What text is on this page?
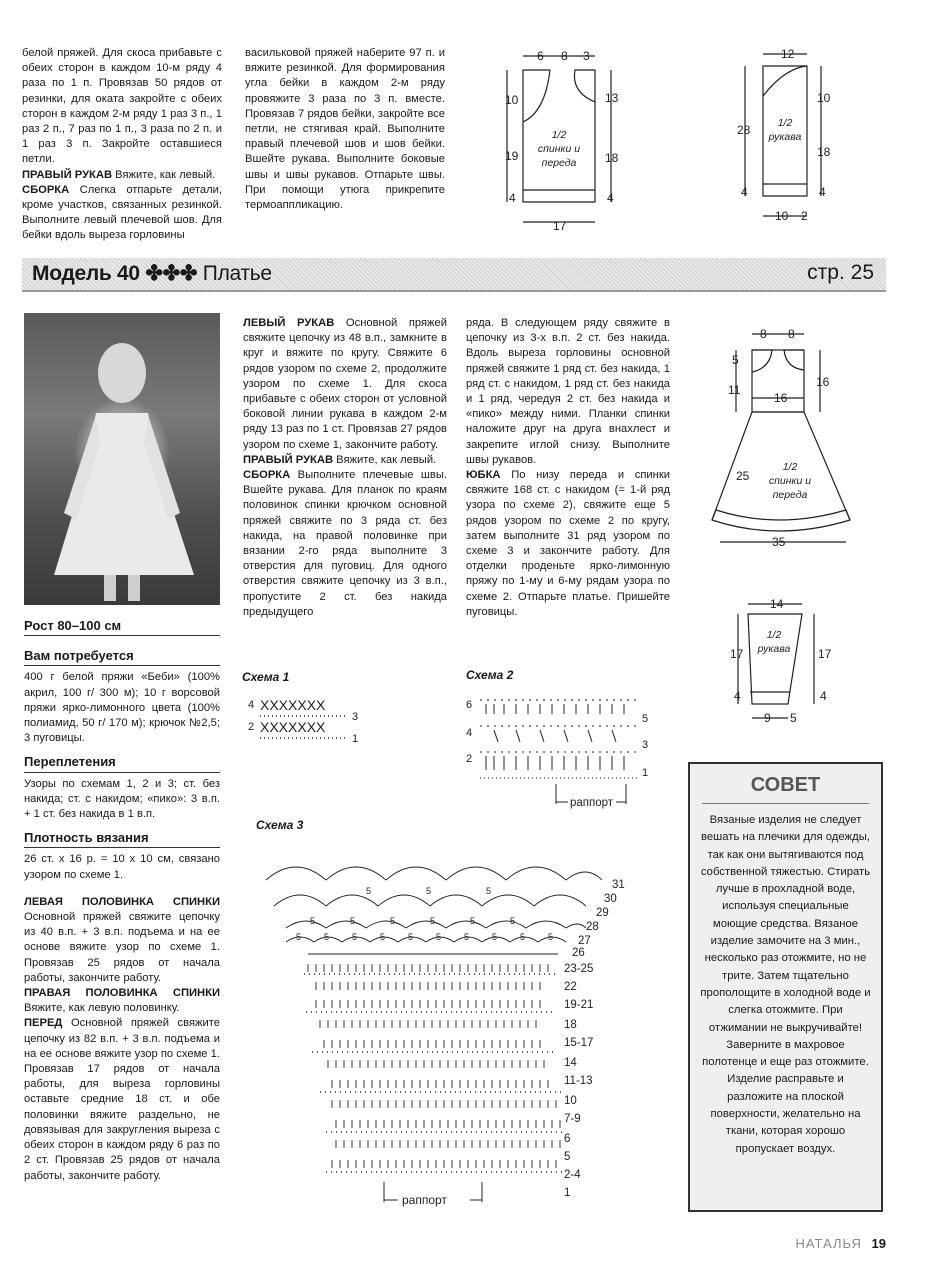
белой пряжей. Для скоса прибавьте с обеих сторон в каждом 10-м ряду 4 раза по 1 п. Провязав 50 рядов от резинки, для оката закройте с обеих сторон в каждом 2-м ряду 1 раз 3 п., 1 раз 2 п., 7 раз по 1 п., 3 раза по 2 п. и 1 раз 3 п. Закройте оставшиеся петли.

ПРАВЫЙ РУКАВ Вяжите, как левый.

СБОРКА Слегка отпарьте детали, кроме участков, связанных резинкой. Выполните левый плечевой шов. Для бейки вдоль выреза горловины

васильковой пряжей наберите 97 п. и вяжите резинкой. Для формирования угла бейки в каждом 2-м ряду провяжите 3 раза по 3 п. вместе. Провязав 7 рядов бейки, закройте все петли, не стягивая край. Выполните правый плечевой шов и шов бейки. Вшейте рукава. Выполните боковые швы и швы рукавов. Отпарьте швы. При помощи утюга прикрепите термоаппликацию.

6 8 3
10
19
4
13
18
4
17
1/2
спинки и
переда
12
28
4
10
18
4
10 2
1/2
рукава
Модель 40 ✤✤✤ Платье	стр. 25
Рост 80–100 см
Вам потребуется

400 г белой пряжи «Беби» (100% акрил, 100 г/ 300 м); 10 г ворсовой пряжи ярко-лимонного цвета (100% полиамид, 50 г/ 170 м); крючок №2,5; 3 пуговицы.

Переплетения

Узоры по схемам 1, 2 и 3; ст. без накида; ст. с накидом; «пико»: 3 в.п. + 1 ст. без накида в 1 в.п.

Плотность вязания

26 ст. х 16 р. = 10 х 10 см, связано узором по схеме 1.

ЛЕВАЯ ПОЛОВИНКА СПИНКИ Основной пряжей свяжите цепочку из 40 в.п. + 3 в.п. подъема и на ее основе вяжите узор по схеме 1. Провязав 25 рядов от начала работы, закончите работу.

ПРАВАЯ ПОЛОВИНКА СПИНКИ Вяжите, как левую половинку.

ПЕРЕД Основной пряжей свяжите цепочку из 82 в.п. + 3 в.п. подъема и на ее основе вяжите узор по схеме 1. Провязав 17 рядов от начала работы, для выреза горловины оставьте средние 18 ст. и обе половинки вяжите раздельно, не довязывая для закругления выреза с обеих сторон в каждом ряду 6 раз по 2 ст. Провязав 25 рядов от начала работы, закончите работу.

ЛЕВЫЙ РУКАВ Основной пряжей свяжите цепочку из 48 в.п., замкните в круг и вяжите по кругу. Свяжите 6 рядов узором по схеме 2, продолжите узором по схеме 1. Для скоса прибавьте с обеих сторон от условной боковой линии рукава в каждом 2-м ряду 13 раз по 1 ст. Провязав 27 рядов узором по схеме 1, закончите работу.

ПРАВЫЙ РУКАВ Вяжите, как левый.

СБОРКА Выполните плечевые швы. Вшейте рукава. Для планок по краям половинок спинки крючком основной пряжей свяжите по 3 ряда ст. без накида, на правой половинке при вязании 2-го ряда выполните 3 отверстия для пуговиц. Для одного отверстия свяжите цепочку из 3 в.п., пропустите 2 ст. без накида предыдущего

ряда. В следующем ряду свяжите в цепочку из 3-х в.п. 2 ст. без накида. Вдоль выреза горловины основной пряжей свяжите 1 ряд ст. без накида, 1 ряд ст. с накидом, 1 ряд ст. без накида и 1 ряд, чередуя 2 ст. без накида и «пико» между ними. Планки спинки наложите друг на друга внахлест и закрепите иглой снизу. Выполните швы рукавов.

ЮБКА По низу переда и спинки свяжите 168 ст. с накидом (= 1-й ряд узора по схеме 2), свяжите еще 5 рядов узором по схеме 2 по кругу, затем выполните 31 ряд узором по схеме 3 и закончите работу. Для отделки проденьте ярко-лимонную пряжу по 1-му и 6-му рядам узора по схеме 2. Отпарьте платье. Пришейте пуговицы.

8 8
5
11
16
16
25
35
1/2
спинки и
переда
14
17
4
17
4
9 5
1/2
рукава
Схема 1
4
2
3
1
XXXXXXX
XXXXXXX
Схема 2
6
4
2
5
3
1
раппорт
Схема 3
5	5	5	5	5	5
5	5	5	5	5	5	5	5	5	5
5	5	5	31
30
29
28
27
26
23-25
22
19-21
18
15-17
14
11-13
10
7-9
6
5
2-4
1
раппорт
СОВЕТ
Вязаные изделия не следует вешать на плечики для одежды, так как они вытягиваются под собственной тяжестью. Стирать лучше в прохладной воде, используя специальные моющие средства. Вязаное изделие замочите на 3 мин., несколько раз отожмите, но не трите. Затем тщательно прополощите в холодной воде и слегка отожмите. При отжимании не выкручивайте! Заверните в махровое полотенце и еще раз отожмите. Изделие расправьте и разложите на плоской поверхности, желательно на ткани, которая хорошо пропускает воздух.
НАТАЛЬЯ 19
